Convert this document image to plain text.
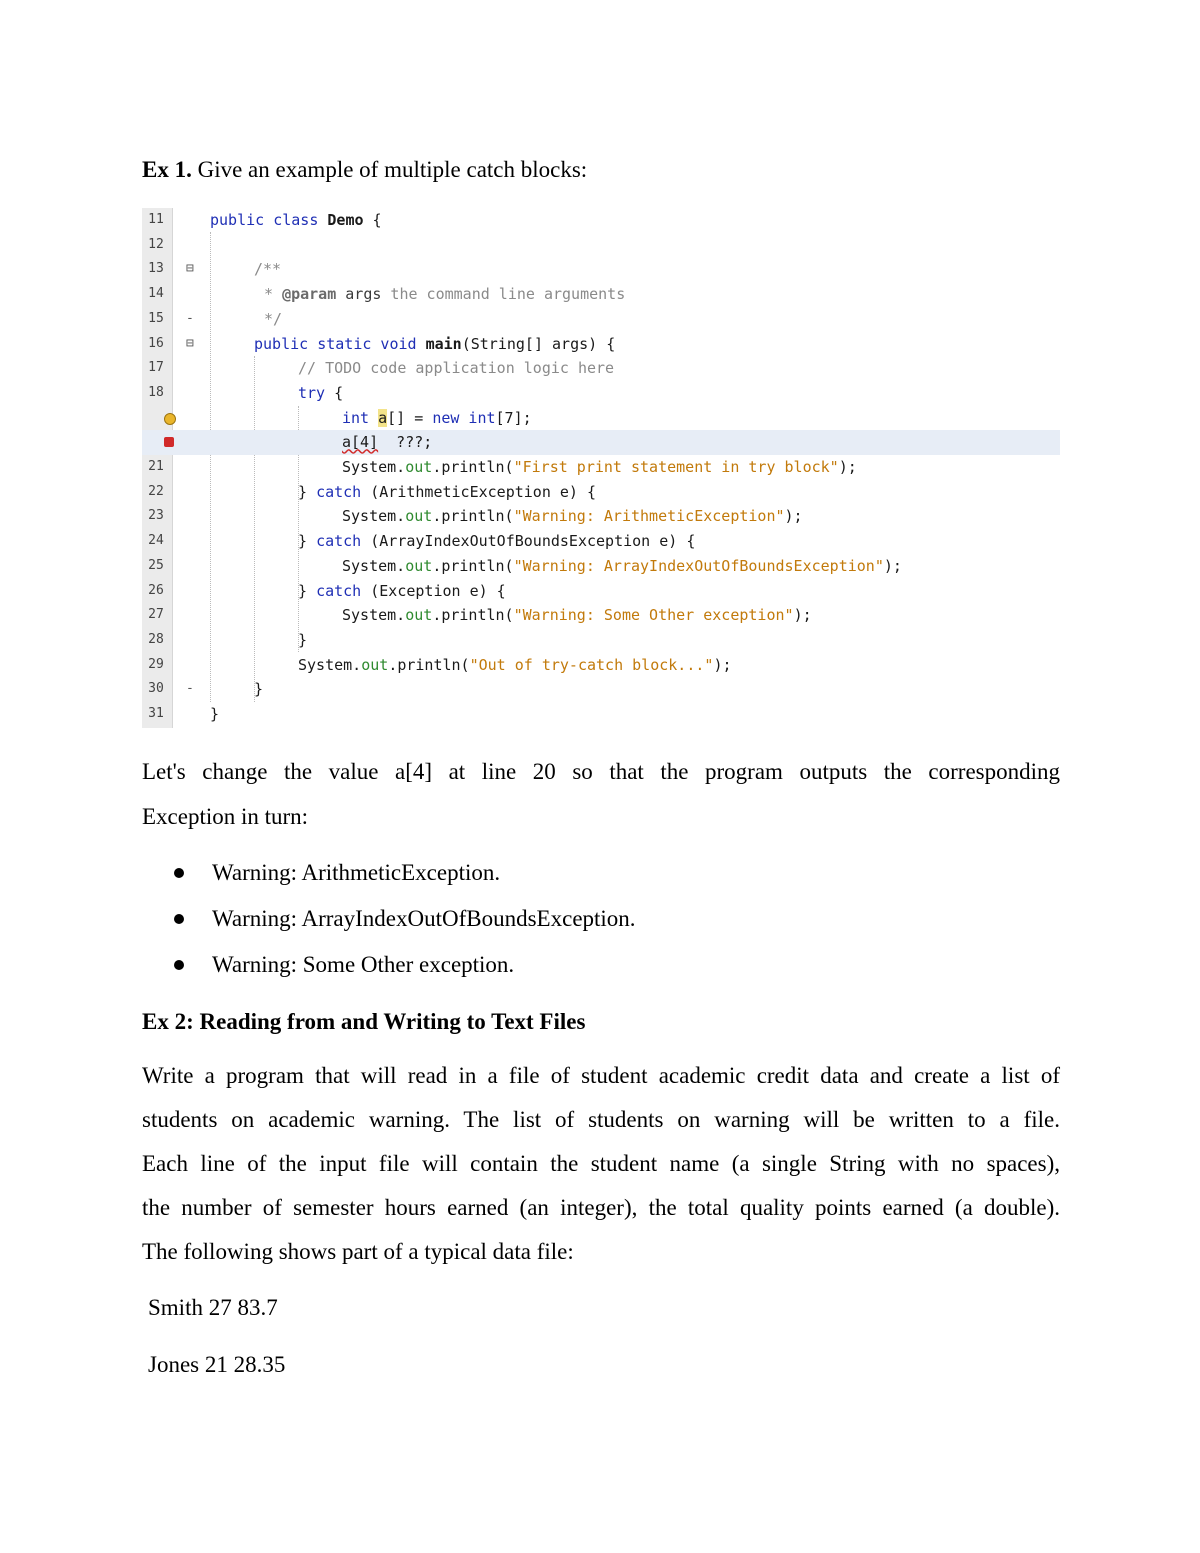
Ex 1. Give an example of multiple catch blocks:
11	public class Demo {
12
13	⊟	/**
14	* @param args the command line arguments
15	-	*/
16	⊟	public static void main(String[] args) {
17	// TODO code application logic here
18	try {
int a[] = new int[7];
a[4]  ???;
21	System.out.println("First print statement in try block");
22	} catch (ArithmeticException e) {
23	System.out.println("Warning: ArithmeticException");
24	} catch (ArrayIndexOutOfBoundsException e) {
25	System.out.println("Warning: ArrayIndexOutOfBoundsException");
26	} catch (Exception e) {
27	System.out.println("Warning: Some Other exception");
28	}
29	System.out.println("Out of try-catch block...");
30	-	}
31	}
Let's change the value a[4] at line 20 so that the program outputs the corresponding
Exception in turn:
Warning: ArithmeticException.
Warning: ArrayIndexOutOfBoundsException.
Warning: Some Other exception.
Ex 2: Reading from and Writing to Text Files
Write a program that will read in a file of student academic credit data and create a list of
students on academic warning. The list of students on warning will be written to a file.
Each line of the input file will contain the student name (a single String with no spaces),
the number of semester hours earned (an integer), the total quality points earned (a double).
The following shows part of a typical data file:
Smith 27 83.7
Jones 21 28.35
